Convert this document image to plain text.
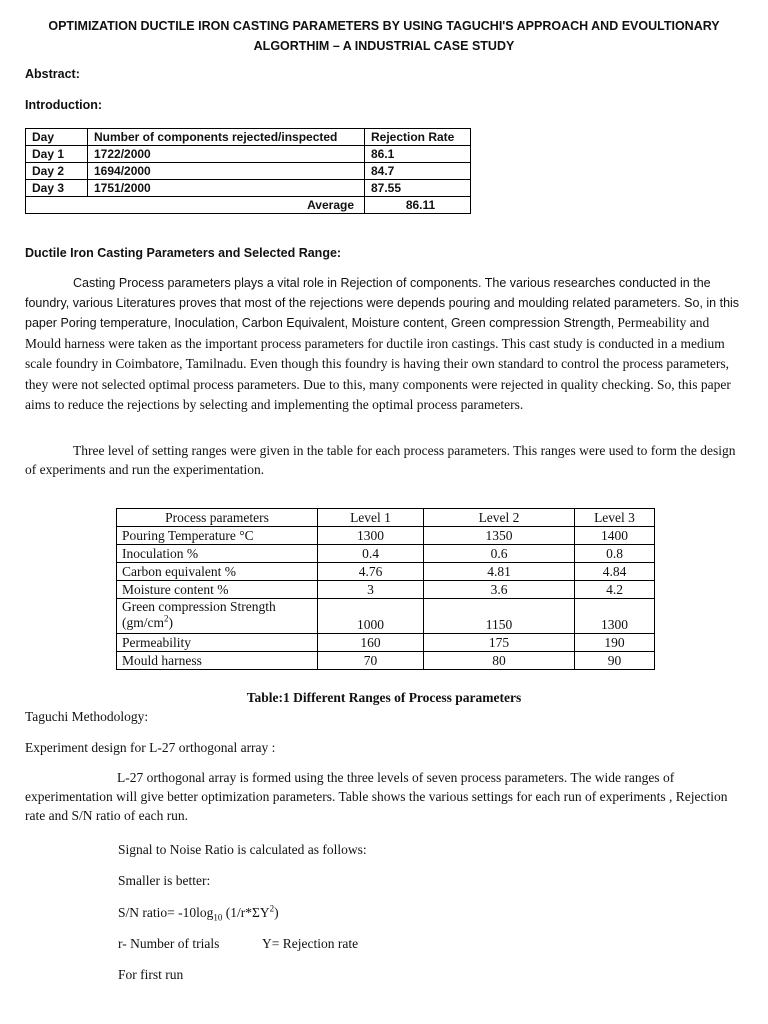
OPTIMIZATION DUCTILE IRON CASTING PARAMETERS BY USING TAGUCHI'S APPROACH AND EVOULTIONARY ALGORTHIM – A INDUSTRIAL CASE STUDY
Abstract:
Introduction:
Day	Number of components rejected/inspected	Rejection Rate
Day 1	1722/2000	86.1
Day 2	1694/2000	84.7
Day 3	1751/2000	87.55
Average		86.11
Ductile Iron Casting Parameters and Selected Range:
Casting Process parameters plays a vital role in Rejection of components. The various researches conducted in the foundry, various Literatures proves that most of the rejections were depends pouring and moulding related parameters. So, in this paper Poring temperature, Inoculation, Carbon Equivalent, Moisture content, Green compression Strength, Permeability and Mould harness were taken as the important process parameters for ductile iron castings. This cast study is conducted in a medium scale foundry in Coimbatore, Tamilnadu. Even though this foundry is having their own standard to control the process parameters, they were not selected optimal process parameters. Due to this, many components were rejected in quality checking. So, this paper aims to reduce the rejections by selecting and implementing the optimal process parameters.
Three level of setting ranges were given in the table for each process parameters. This ranges were used to form the design of experiments and run the experimentation.
Process parameters	Level 1	Level 2	Level 3
Pouring Temperature °C	1300	1350	1400
Inoculation %	0.4	0.6	0.8
Carbon equivalent %	4.76	4.81	4.84
Moisture content %	3	3.6	4.2
Green compression Strength
$(gm/cm^2)$	1000	1150	1300
Permeability	160	175	190
Mould harness	70	80	90
Table:1 Different Ranges of Process parameters
Taguchi Methodology:
Experiment design for L-27 orthogonal array :
L-27 orthogonal array is formed using the three levels of seven process parameters. The wide ranges of experimentation will give better optimization parameters. Table shows the various settings for each run of experiments , Rejection rate and S/N ratio of each run.
Signal to Noise Ratio is calculated as follows:
Smaller is better:
S/N ratio= $-10\log_{10}$ $(1/r*\Sigma Y^2)$
r- Number of trials	Y= Rejection rate
For first run
